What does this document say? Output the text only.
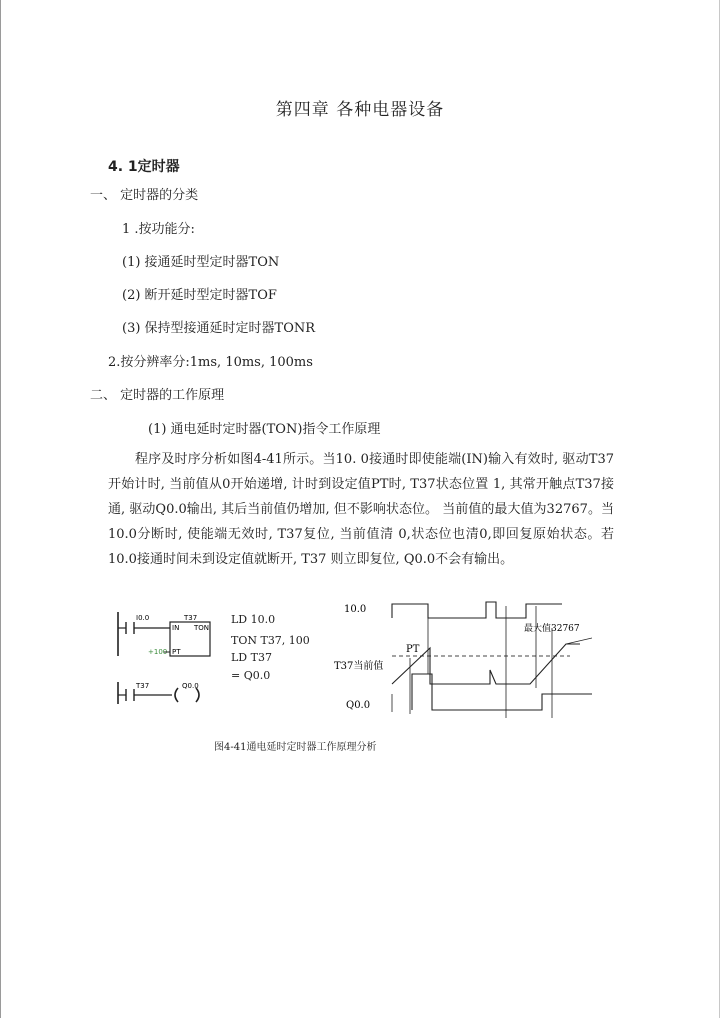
第四章 各种电器设备
4. 1定时器
一、 定时器的分类
1 .按功能分:
(1) 接通延时型定时器TON
(2) 断开延时型定时器TOF
(3) 保持型接通延时定时器TONR
2.按分辨率分:1ms, 10ms, 100ms
二、 定时器的工作原理
(1) 通电延时定时器(TON)指令工作原理
程序及时序分析如图4-41所示。当10. 0接通时即使能端(IN)输入有效时, 驱动T37开始计时, 当前值从0开始递增, 计时到设定值PT时, T37状态位置 1, 其常开触点T37接通, 驱动Q0.0输出, 其后当前值仍增加, 但不影响状态位。 当前值的最大值为32767。当10.0分断时, 使能端无效时, T37复位, 当前值清 0,状态位也清0,即回复原始状态。若10.0接通时间未到设定值就断开, T37 则立即复位, Q0.0不会有输出。
I0.0	T37
IN TON
+100 PT
T37	Q0.0
LD 10.0
TON T37, 100
LD T37
= Q0.0
10.0
T37当前值
Q0.0
PT
最大值32767
图4-41通电延时定时器工作原理分析
